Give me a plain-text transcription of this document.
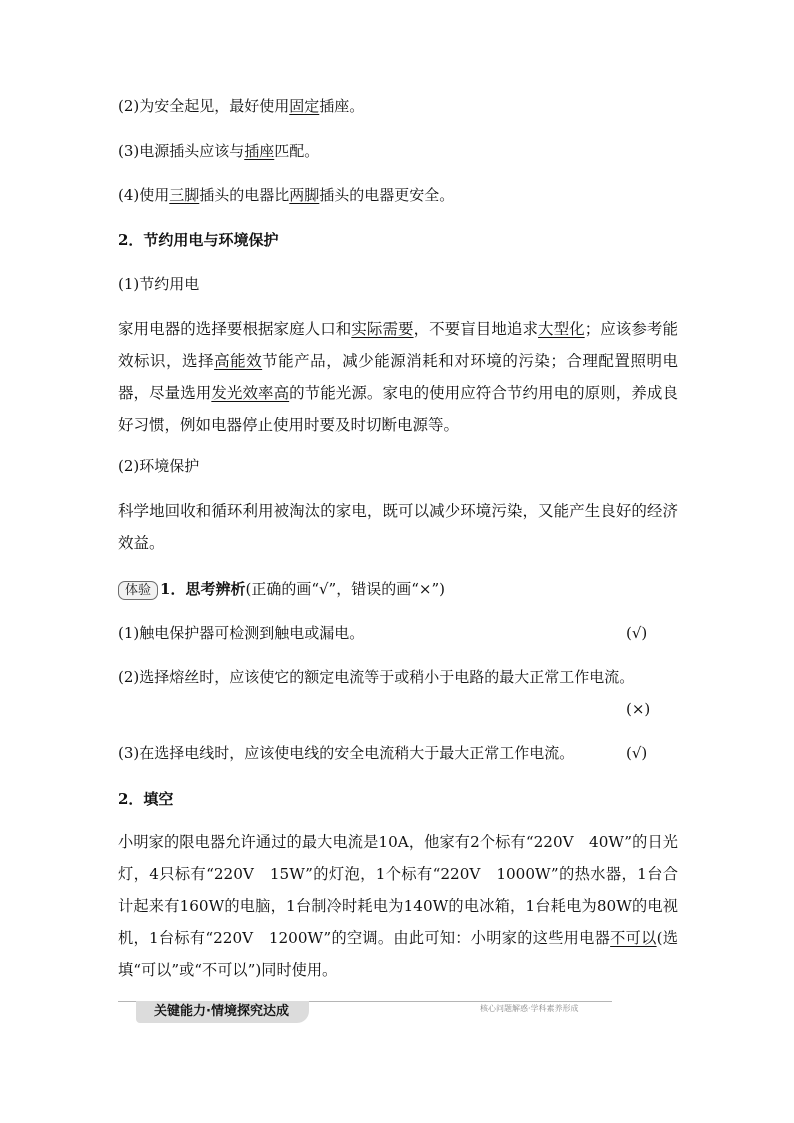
(2)为安全起见，最好使用固定插座。
(3)电源插头应该与插座匹配。
(4)使用三脚插头的电器比两脚插头的电器更安全。
2．节约用电与环境保护
(1)节约用电
家用电器的选择要根据家庭人口和实际需要，不要盲目地追求大型化；应该参考能效标识，选择高能效节能产品，减少能源消耗和对环境的污染；合理配置照明电器，尽量选用发光效率高的节能光源。家电的使用应符合节约用电的原则，养成良好习惯，例如电器停止使用时要及时切断电源等。
(2)环境保护
科学地回收和循环利用被淘汰的家电，既可以减少环境污染，又能产生良好的经济效益。
体验 1．思考辨析(正确的画“√”，错误的画“×”)
(1)触电保护器可检测到触电或漏电。	(√)
(2)选择熔丝时，应该使它的额定电流等于或稍小于电路的最大正常工作电流。
(×)
(3)在选择电线时，应该使电线的安全电流稍大于最大正常工作电流。	(√)
2．填空
小明家的限电器允许通过的最大电流是10A，他家有2个标有“220V　40W”的日光灯，4只标有“220V　15W”的灯泡，1个标有“220V　1000W”的热水器，1台合计起来有160W的电脑，1台制冷时耗电为140W的电冰箱，1台耗电为80W的电视机，1台标有“220V　1200W”的空调。由此可知：小明家的这些用电器不可以(选填“可以”或“不可以”)同时使用。
关键能力·情境探究达成	核心问题解惑·学科素养形成
